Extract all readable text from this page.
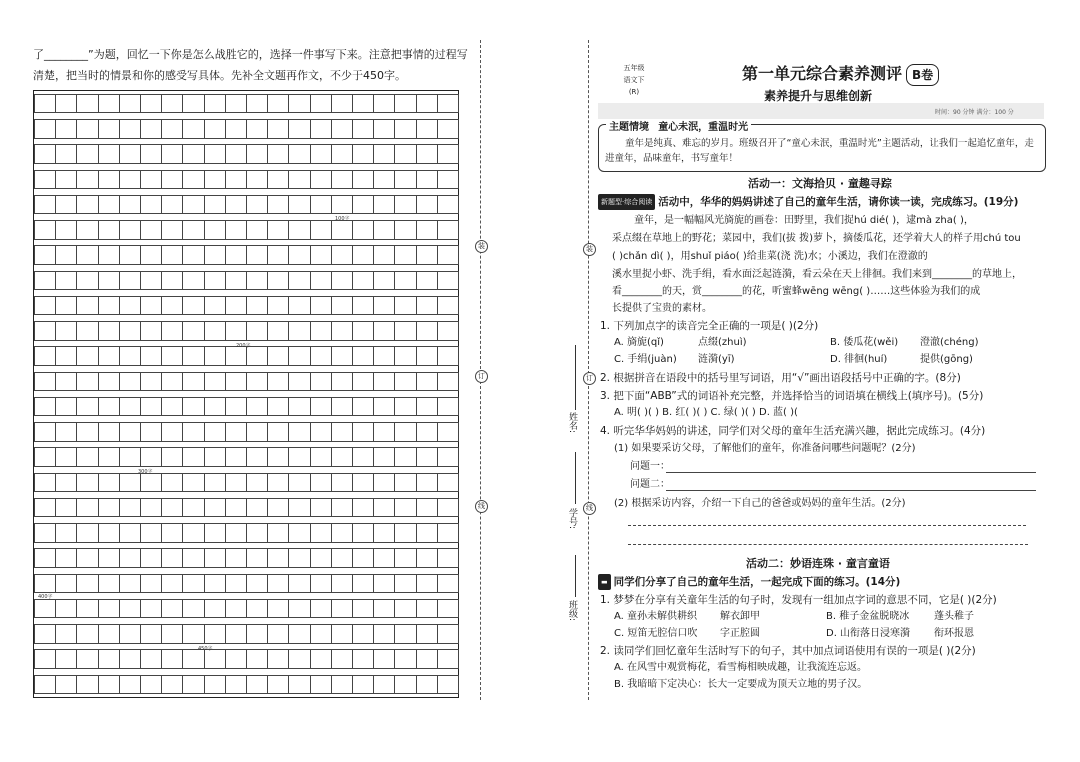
了________”为题，回忆一下你是怎么战胜它的，选择一件事写下来。注意把事情的过程写
清楚，把当时的情景和你的感受写具体。先补全文题再作文，不少于450字。
100字
200字
300字
400字
450字
装
订
线
装
订
线
姓名:
学号:
班级:
五年级
语文下
(R)
第一单元综合素养测评 B卷
素养提升与思维创新
时间：90 分钟 满分：100 分
主题情境 童心未泯，重温时光
童年是纯真、难忘的岁月。班级召开了“童心未泯，重温时光”主题活动，让我们一起追忆童年，走
进童年，品味童年，书写童年！
活动一：文海拾贝 · 童趣寻踪
新题型·综合阅读 活动中，华华的妈妈讲述了自己的童年生活，请你读一读，完成练习。(19分)
童年，是一幅幅风光旖旎的画卷：田野里，我们捉hú dié( )，逮mà zha( )，
采点缀在草地上的野花；菜园中，我们(拔 拨)萝卜，摘倭瓜花，还学着大人的样子用chú tou
( )chǎn dì( )，用shuǐ piáo( )给韭菜(浇 洗)水；小溪边，我们在澄澈的
溪水里捉小虾、洗手绢，看水面泛起涟漪，看云朵在天上徘徊。我们来到________的草地上，
看________的天，赏________的花，听蜜蜂wēng wēng( )……这些体验为我们的成
长提供了宝贵的素材。
1. 下列加点字的读音完全正确的一项是( )(2分)
A. 旖旎(qǐ)	点缀(zhuì)	B. 倭瓜花(wěi) 澄澈(chéng)
C. 手绢(juàn) 涟漪(yī)	D. 徘徊(huí)	提供(gōng)
2. 根据拼音在语段中的括号里写词语，用“√”画出语段括号中正确的字。(8分)
3. 把下面“ABB”式的词语补充完整，并选择恰当的词语填在横线上(填序号)。(5分)
A. 明( )( ) B. 红( )( ) C. 绿( )( ) D. 蓝( )(
4. 听完华华妈妈的讲述，同学们对父母的童年生活充满兴趣，据此完成练习。(4分)
(1) 如果要采访父母，了解他们的童年，你准备问哪些问题呢？(2分)
问题一：
问题二：
(2) 根据采访内容，介绍一下自己的爸爸或妈妈的童年生活。(2分)
活动二：妙语连珠 · 童言童语
▬ 同学们分享了自己的童年生活，一起完成下面的练习。(14分)
1. 梦梦在分享有关童年生活的句子时，发现有一组加点字词的意思不同，它是( )(2分)
A. 童孙未解供耕织 解衣卸甲	B. 稚子金盆脱晓冰 蓬头稚子
C. 短笛无腔信口吹 字正腔圆	D. 山衔落日浸寒漪 衔环报恩
2. 读同学们回忆童年生活时写下的句子，其中加点词语使用有误的一项是( )(2分)
A. 在风雪中观赏梅花，看雪梅相映成趣，让我流连忘返。
B. 我暗暗下定决心：长大一定要成为顶天立地的男子汉。
